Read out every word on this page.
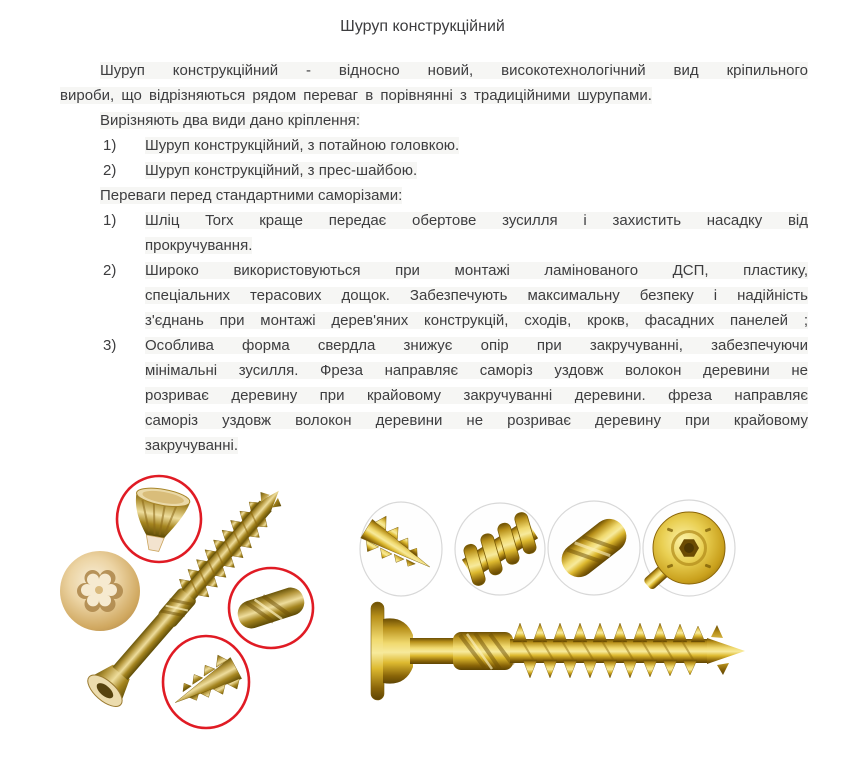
Шуруп конструкційний
Шуруп конструкційний - відносно новий, високотехнологічний вид кріпильного
вироби, що відрізняються рядом переваг в порівнянні з традиційними шурупами.
Вирізняють два види дано кріплення:
1)	Шуруп конструкційний, з потайною головкою.
2)	Шуруп конструкційний, з прес-шайбою.
Переваги перед стандартними саморізами:
1)	Шліц Torx краще передає обертове зусилля і захистить насадку від
прокручування.
2)	Широко використовуються при монтажі ламінованого ДСП, пластику,
спеціальних терасових дощок. Забезпечують максимальну безпеку і надійність
з'єднань при монтажі дерев'яних конструкцій, сходів, крокв, фасадних панелей ;
3)	Особлива форма свердла знижує опір при закручуванні, забезпечуючи
мінімальні зусилля. Фреза направляє саморіз уздовж волокон деревини не
розриває деревину при крайовому закручуванні деревини. фреза направляє
саморіз уздовж волокон деревини не розриває деревину при крайовому
закручуванні.
